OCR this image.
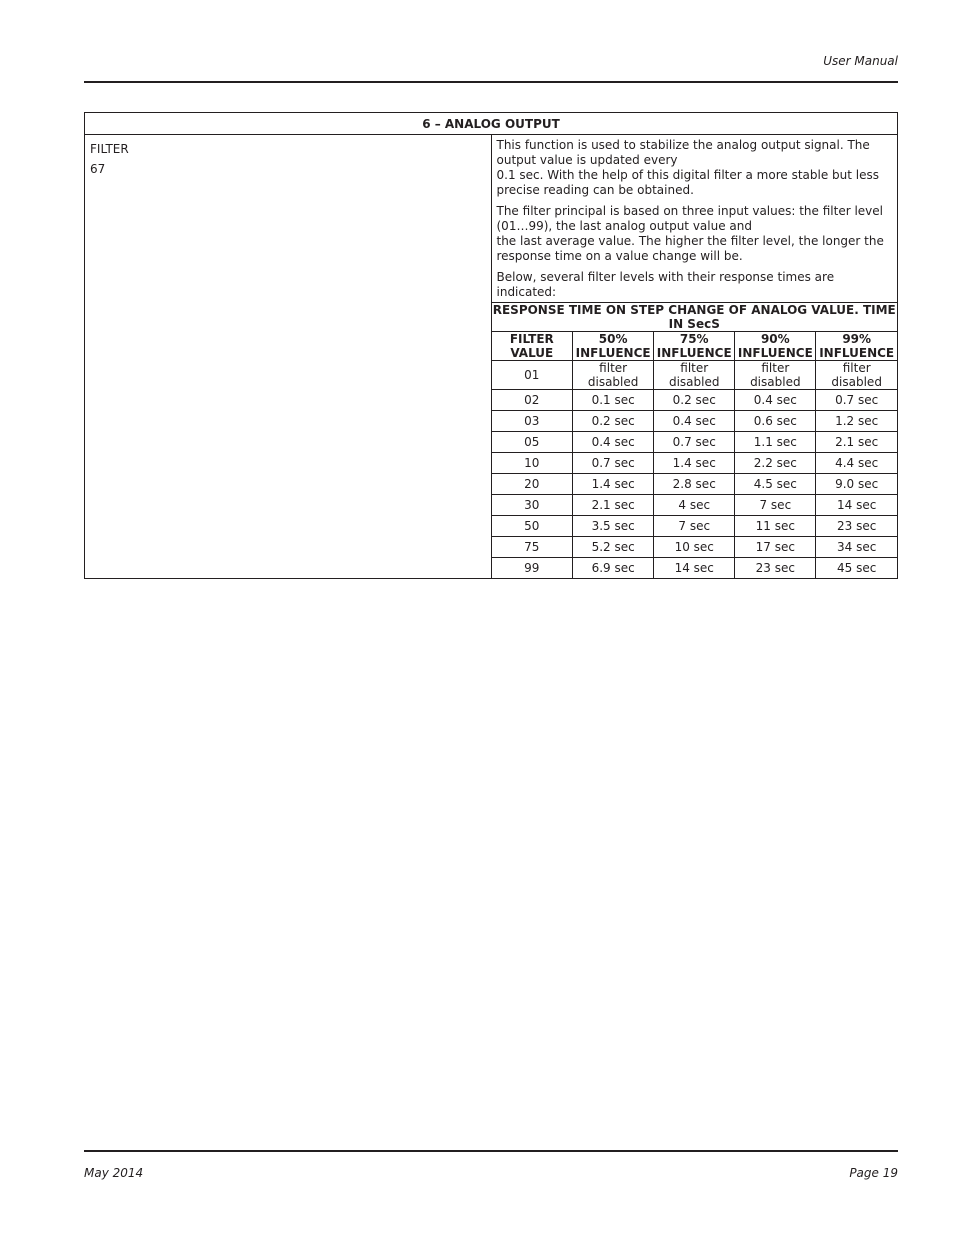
User Manual
6 – ANALOG OUTPUT

FILTER
67

This function is used to stabilize the analog output signal. The output value is updated every
0.1 sec. With the help of this digital filter a more stable but less precise reading can be obtained.

The filter principal is based on three input values: the filter level (01…99), the last analog output value and
the last average value. The higher the filter level, the longer the response time on a value change will be.

Below, several filter levels with their response times are indicated:

RESPONSE TIME ON STEP CHANGE OF ANALOG VALUE. TIME IN SecS
FILTER VALUE	50% INFLUENCE	75% INFLUENCE	90% INFLUENCE	99% INFLUENCE
01	filter disabled	filter disabled	filter disabled	filter disabled
02	0.1 sec	0.2 sec	0.4 sec	0.7 sec
03	0.2 sec	0.4 sec	0.6 sec	1.2 sec
05	0.4 sec	0.7 sec	1.1 sec	2.1 sec
10	0.7 sec	1.4 sec	2.2 sec	4.4 sec
20	1.4 sec	2.8 sec	4.5 sec	9.0 sec
30	2.1 sec	4 sec	7 sec	14 sec
50	3.5 sec	7 sec	11 sec	23 sec
75	5.2 sec	10 sec	17 sec	34 sec
99	6.9 sec	14 sec	23 sec	45 sec
May 2014	Page 19
